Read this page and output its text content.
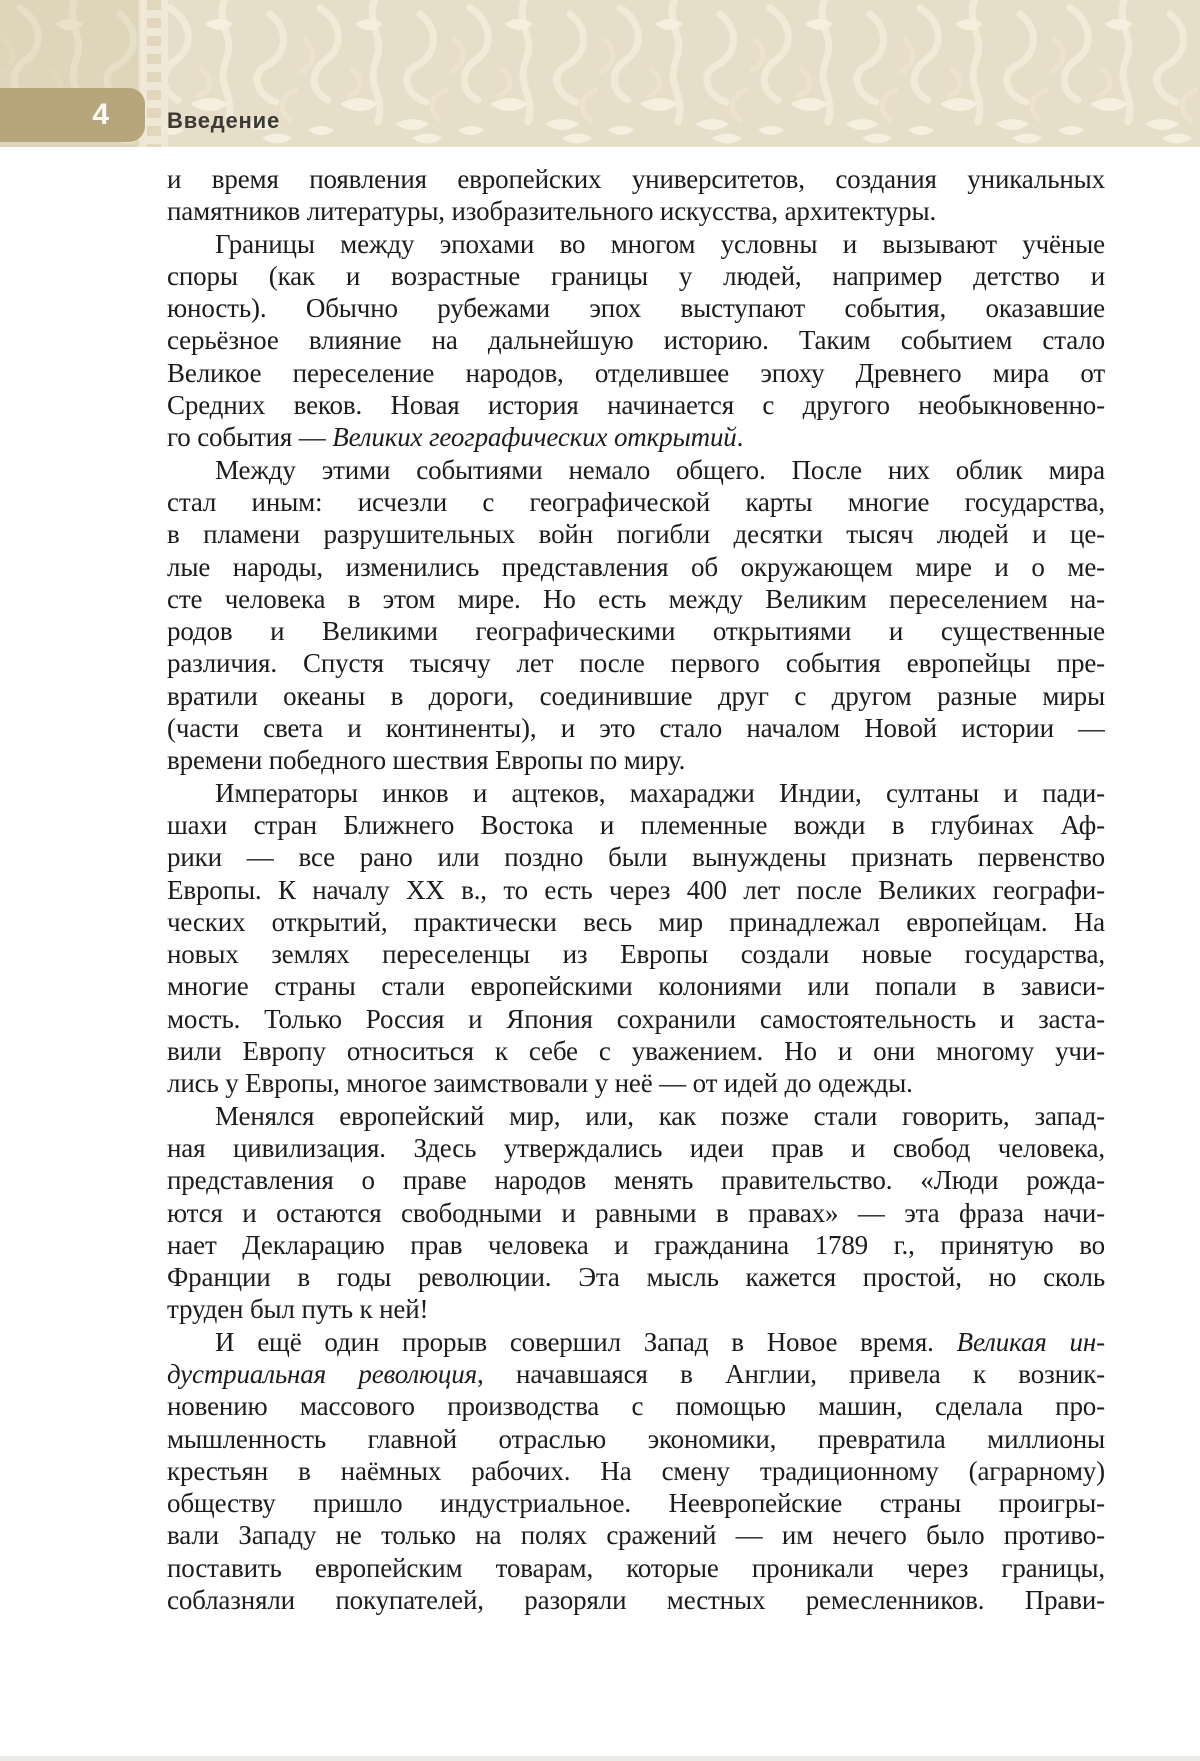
4	Введение
и время появления европейских университетов, создания уникальных
памятников литературы, изобразительного искусства, архитектуры.
Границы между эпохами во многом условны и вызывают учёные
споры (как и возрастные границы у людей, например детство и
юность). Обычно рубежами эпох выступают события, оказавшие
серьёзное влияние на дальнейшую историю. Таким событием стало
Великое переселение народов, отделившее эпоху Древнего мира от
Средних веков. Новая история начинается с другого необыкновенно-
го события — Великих географических открытий.
Между этими событиями немало общего. После них облик мира
стал иным: исчезли с географической карты многие государства,
в пламени разрушительных войн погибли десятки тысяч людей и це-
лые народы, изменились представления об окружающем мире и о ме-
сте человека в этом мире. Но есть между Великим переселением на-
родов и Великими географическими открытиями и существенные
различия. Спустя тысячу лет после первого события европейцы пре-
вратили океаны в дороги, соединившие друг с другом разные миры
(части света и континенты), и это стало началом Новой истории —
времени победного шествия Европы по миру.
Императоры инков и ацтеков, махараджи Индии, султаны и пади-
шахи стран Ближнего Востока и племенные вожди в глубинах Аф-
рики — все рано или поздно были вынуждены признать первенство
Европы. К началу XX в., то есть через 400 лет после Великих географи-
ческих открытий, практически весь мир принадлежал европейцам. На
новых землях переселенцы из Европы создали новые государства,
многие страны стали европейскими колониями или попали в зависи-
мость. Только Россия и Япония сохранили самостоятельность и заста-
вили Европу относиться к себе с уважением. Но и они многому учи-
лись у Европы, многое заимствовали у неё — от идей до одежды.
Менялся европейский мир, или, как позже стали говорить, запад-
ная цивилизация. Здесь утверждались идеи прав и свобод человека,
представления о праве народов менять правительство. «Люди рожда-
ются и остаются свободными и равными в правах» — эта фраза начи-
нает Декларацию прав человека и гражданина 1789 г., принятую во
Франции в годы революции. Эта мысль кажется простой, но сколь
труден был путь к ней!
И ещё один прорыв совершил Запад в Новое время. Великая ин-
дустриальная революция, начавшаяся в Англии, привела к возник-
новению массового производства с помощью машин, сделала про-
мышленность главной отраслью экономики, превратила миллионы
крестьян в наёмных рабочих. На смену традиционному (аграрному)
обществу пришло индустриальное. Неевропейские страны проигры-
вали Западу не только на полях сражений — им нечего было противо-
поставить европейским товарам, которые проникали через границы,
соблазняли покупателей, разоряли местных ремесленников. Прави-
